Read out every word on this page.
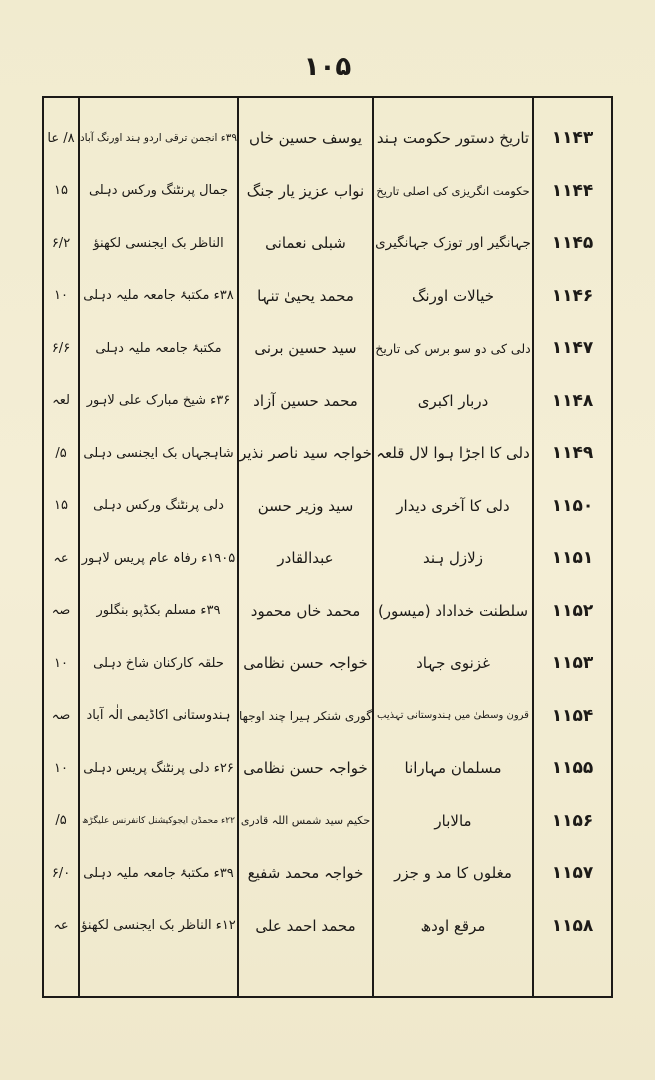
۱۰۵
۱۱۴۳
تاریخ دستور حکومت ہند
یوسف حسین خاں
۳۹ء انجمن ترقی اردو ہند اورنگ آباد
۸/ عا
۱۱۴۴
حکومت انگریزی کی اصلی تاریخ
نواب عزیز یار جنگ
جمال پرنٹنگ ورکس دہلی
۱۵
۱۱۴۵
جہانگیر اور توزک جہانگیری
شبلی نعمانی
الناظر بک ایجنسی لکھنؤ
۶/۲
۱۱۴۶
خیالات اورنگ
محمد یحییٰ تنہا
۳۸ء مکتبۂ جامعہ ملیہ دہلی
۱۰
۱۱۴۷
دلی کی دو سو برس کی تاریخ
سید حسین برنی
مکتبۂ جامعہ ملیہ دہلی
۶/۶
۱۱۴۸
دربار اکبری
محمد حسین آزاد
۳۶ء شیخ مبارک علی لاہور
لعہ
۱۱۴۹
دلی کا اجڑا ہوا لال قلعہ
خواجہ سید ناصر نذیر
شاہجہاں بک ایجنسی دہلی
۵/
۱۱۵۰
دلی کا آخری دیدار
سید وزیر حسن
دلی پرنٹنگ ورکس دہلی
۱۵
۱۱۵۱
زلازل ہند
عبدالقادر
۱۹۰۵ء رفاہ عام پریس لاہور
عہ
۱۱۵۲
سلطنت خداداد (میسور)
محمد خاں محمود
۳۹ء مسلم بکڈپو بنگلور
صہ
۱۱۵۳
غزنوی جہاد
خواجہ حسن نظامی
حلقہ کارکنان شاخ دہلی
۱۰
۱۱۵۴
قرون وسطیٰ میں ہندوستانی تہذیب
گوری شنکر ہیرا چند اوجھا
ہندوستانی اکاڈیمی الٰہ آباد
صہ
۱۱۵۵
مسلمان مہارانا
خواجہ حسن نظامی
۲۶ء دلی پرنٹنگ پریس دہلی
۱۰
۱۱۵۶
مالابار
حکیم سید شمس اللہ قادری
۲۲ء محمڈن ایجوکیشنل کانفرنس علیگڑھ
۵/
۱۱۵۷
مغلوں کا مد و جزر
خواجہ محمد شفیع
۳۹ء مکتبۂ جامعہ ملیہ دہلی
۶/۰
۱۱۵۸
مرقع اودھ
محمد احمد علی
۱۲ء الناظر بک ایجنسی لکھنؤ
عہ
